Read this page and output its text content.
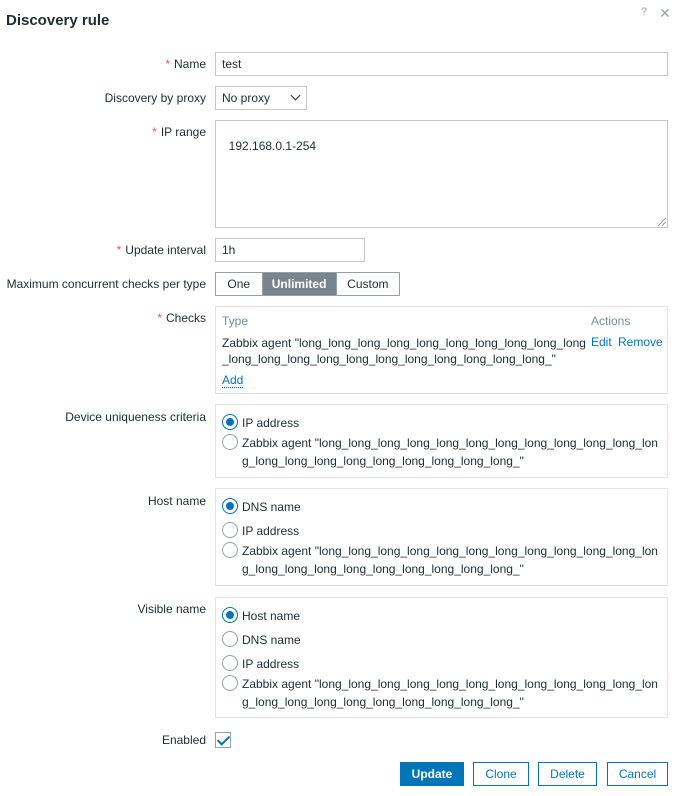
Discovery rule	? ✕
* Name	test
Discovery by proxy	No proxy
* IP range

192.168.0.1-254

* Update interval	1h
Maximum concurrent checks per type	One	Unlimited	Custom
* Checks Type	Actions
Zabbix agent "long_long_long_long_long_long_long_long_long_long_long_long_long_long_long_long_long_long_long_long_long_"
Edit Remove
Add
Device uniqueness criteria	IP address
Zabbix agent "long_long_long_long_long_long_long_long_long_long_long_long_long_long_long_long_long_long_long_long_long_"
Host name	DNS name
IP address
Zabbix agent "long_long_long_long_long_long_long_long_long_long_long_long_long_long_long_long_long_long_long_long_long_"
Visible name	Host name
DNS name
IP address
Zabbix agent "long_long_long_long_long_long_long_long_long_long_long_long_long_long_long_long_long_long_long_long_long_"
Enabled
Update	Clone	Delete	Cancel
